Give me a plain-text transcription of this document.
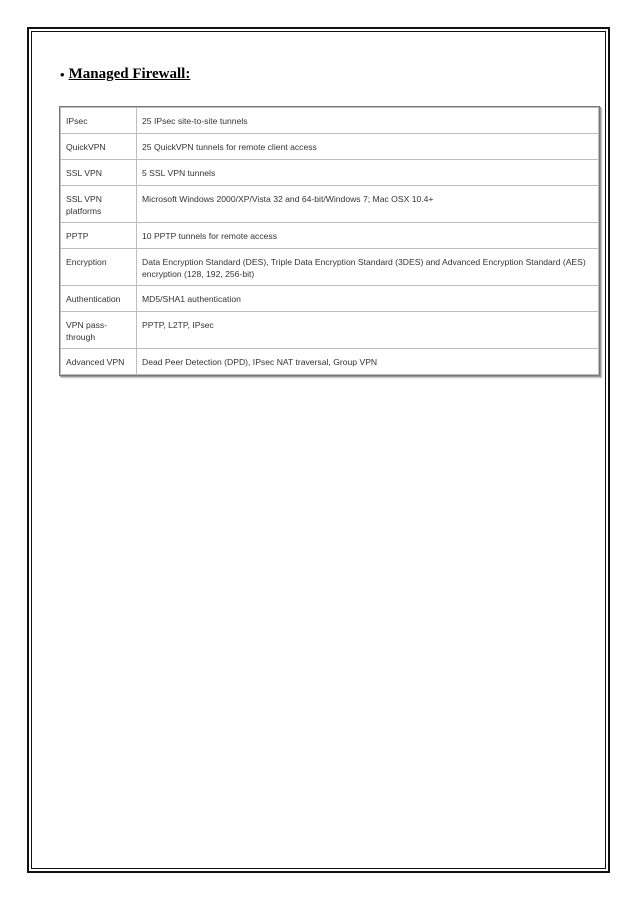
• Managed Firewall:
IPsec	25 IPsec site-to-site tunnels
QuickVPN	25 QuickVPN tunnels for remote client access
SSL VPN	5 SSL VPN tunnels
SSL VPN platforms	Microsoft Windows 2000/XP/Vista 32 and 64-bit/Windows 7; Mac OSX 10.4+
PPTP	10 PPTP tunnels for remote access
Encryption	Data Encryption Standard (DES), Triple Data Encryption Standard (3DES) and Advanced Encryption Standard (AES) encryption (128, 192, 256-bit)
Authentication	MD5/SHA1 authentication
VPN pass-through	PPTP, L2TP, IPsec
Advanced VPN	Dead Peer Detection (DPD), IPsec NAT traversal, Group VPN
